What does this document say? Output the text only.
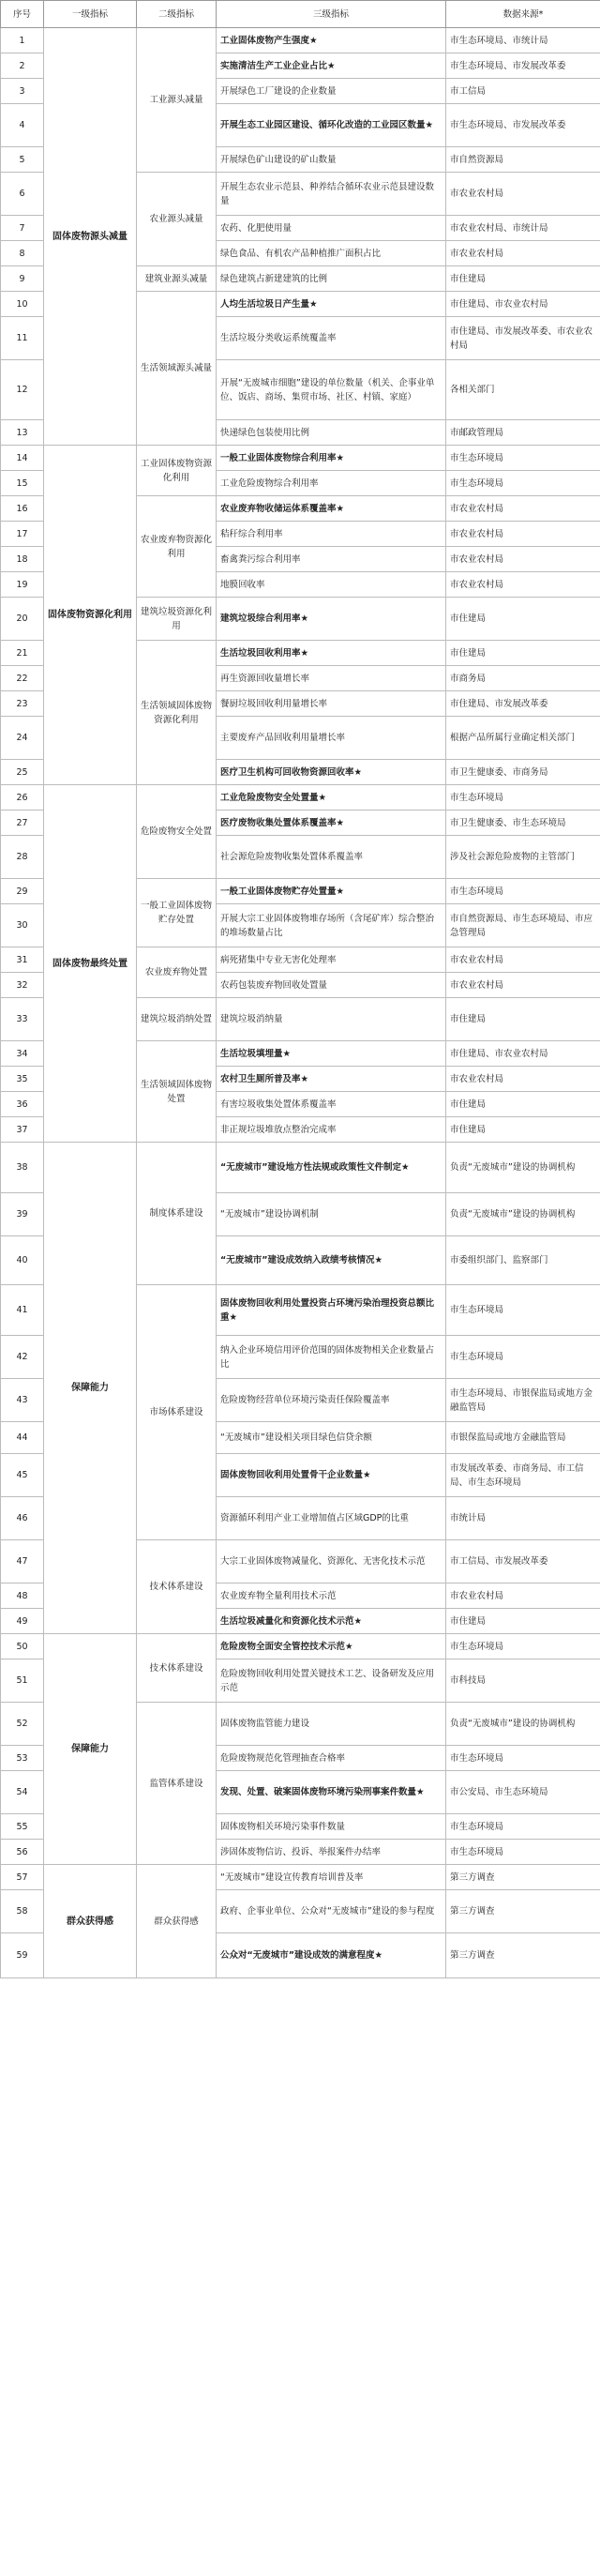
序号	一级指标	二级指标	三级指标	数据来源*
1	固体废物源头减量	工业源头减量	工业固体废物产生强度★	市生态环境局、市统计局
2			实施清洁生产工业企业占比★	市生态环境局、市发展改革委
3			开展绿色工厂建设的企业数量	市工信局
4			开展生态工业园区建设、循环化改造的工业园区数量★	市生态环境局、市发展改革委
5			开展绿色矿山建设的矿山数量	市自然资源局
6		农业源头减量	开展生态农业示范县、种养结合循环农业示范县建设数量	市农业农村局
7			农药、化肥使用量	市农业农村局、市统计局
8			绿色食品、有机农产品种植推广面积占比	市农业农村局
9		建筑业源头减量	绿色建筑占新建建筑的比例	市住建局
10		生活领域源头减量	人均生活垃圾日产生量★	市住建局、市农业农村局
11			生活垃圾分类收运系统覆盖率	市住建局、市发展改革委、市农业农村局
12			开展“无废城市细胞”建设的单位数量（机关、企事业单位、饭店、商场、集贸市场、社区、村镇、家庭）	各相关部门
13			快递绿色包装使用比例	市邮政管理局
14	固体废物资源化利用	工业固体废物资源化利用	一般工业固体废物综合利用率★	市生态环境局
15			工业危险废物综合利用率	市生态环境局
16		农业废弃物资源化利用	农业废弃物收储运体系覆盖率★	市农业农村局
17			秸秆综合利用率	市农业农村局
18			畜禽粪污综合利用率	市农业农村局
19			地膜回收率	市农业农村局
20		建筑垃圾资源化利用	建筑垃圾综合利用率★	市住建局
21		生活领域固体废物资源化利用	生活垃圾回收利用率★	市住建局
22			再生资源回收量增长率	市商务局
23			餐厨垃圾回收利用量增长率	市住建局、市发展改革委
24			主要废弃产品回收利用量增长率	根据产品所属行业确定相关部门
25			医疗卫生机构可回收物资源回收率★	市卫生健康委、市商务局
26	固体废物最终处置	危险废物安全处置	工业危险废物安全处置量★	市生态环境局
27			医疗废物收集处置体系覆盖率★	市卫生健康委、市生态环境局
28			社会源危险废物收集处置体系覆盖率	涉及社会源危险废物的主管部门
29		一般工业固体废物贮存处置	一般工业固体废物贮存处置量★	市生态环境局
30			开展大宗工业固体废物堆存场所（含尾矿库）综合整治的堆场数量占比	市自然资源局、市生态环境局、市应急管理局
31		农业废弃物处置	病死猪集中专业无害化处理率	市农业农村局
32			农药包装废弃物回收处置量	市农业农村局
33		建筑垃圾消纳处置	建筑垃圾消纳量	市住建局
34		生活领域固体废物处置	生活垃圾填埋量★	市住建局、市农业农村局
35			农村卫生厕所普及率★	市农业农村局
36			有害垃圾收集处置体系覆盖率	市住建局
37			非正规垃圾堆放点整治完成率	市住建局
38	保障能力	制度体系建设	“无废城市”建设地方性法规或政策性文件制定★	负责“无废城市”建设的协调机构
39			“无废城市”建设协调机制	负责“无废城市”建设的协调机构
40			“无废城市”建设成效纳入政绩考核情况★	市委组织部门、监察部门
41		市场体系建设	固体废物回收利用处置投资占环境污染治理投资总额比重★	市生态环境局
42			纳入企业环境信用评价范围的固体废物相关企业数量占比	市生态环境局
43			危险废物经营单位环境污染责任保险覆盖率	市生态环境局、市银保监局或地方金融监管局
44			“无废城市”建设相关项目绿色信贷余额	市银保监局或地方金融监管局
45			固体废物回收利用处置骨干企业数量★	市发展改革委、市商务局、市工信局、市生态环境局
46			资源循环利用产业工业增加值占区域GDP的比重	市统计局
47		技术体系建设	大宗工业固体废物减量化、资源化、无害化技术示范	市工信局、市发展改革委
48			农业废弃物全量利用技术示范	市农业农村局
49			生活垃圾减量化和资源化技术示范★	市住建局
50	保障能力	技术体系建设	危险废物全面安全管控技术示范★	市生态环境局
51			危险废物回收利用处置关键技术工艺、设备研发及应用示范	市科技局
52		监管体系建设	固体废物监管能力建设	负责“无废城市”建设的协调机构
53			危险废物规范化管理抽查合格率	市生态环境局
54			发现、处置、破案固体废物环境污染刑事案件数量★	市公安局、市生态环境局
55			固体废物相关环境污染事件数量	市生态环境局
56			涉固体废物信访、投诉、举报案件办结率	市生态环境局
57	群众获得感	群众获得感	“无废城市”建设宣传教育培训普及率	第三方调查
58			政府、企事业单位、公众对“无废城市”建设的参与程度	第三方调查
59			公众对“无废城市”建设成效的满意程度★	第三方调查
